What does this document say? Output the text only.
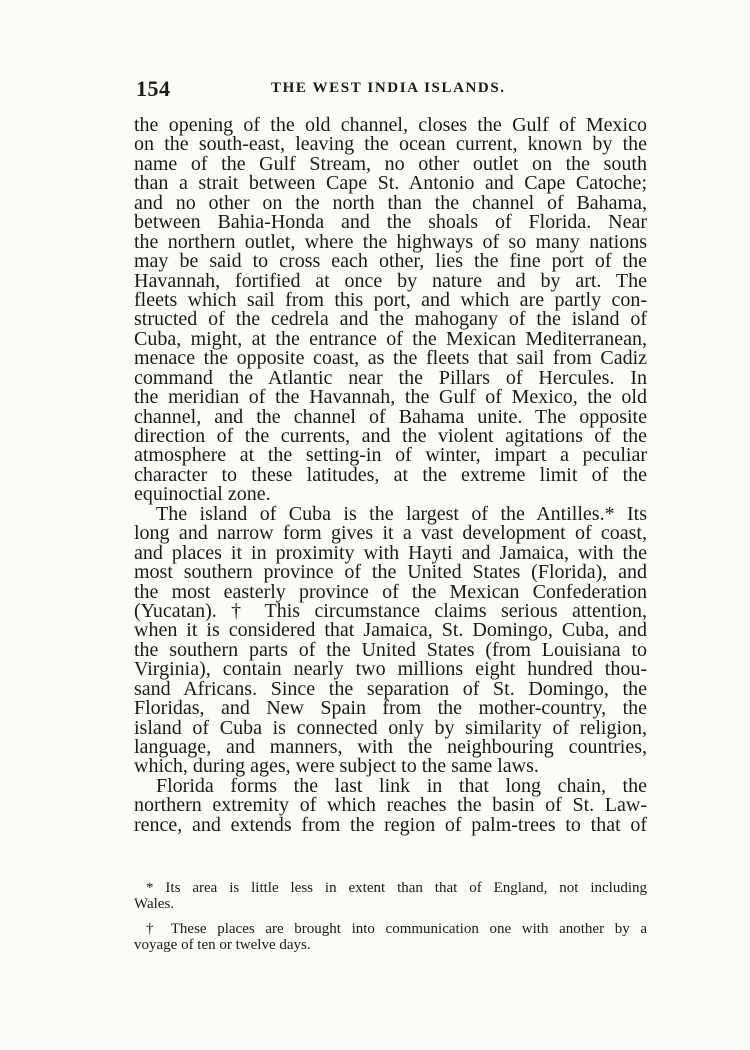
154	THE WEST INDIA ISLANDS.
the opening of the old channel, closes the Gulf of Mexico
on the south-east, leaving the ocean current, known by the
name of the Gulf Stream, no other outlet on the south
than a strait between Cape St. Antonio and Cape Catoche;
and no other on the north than the channel of Bahama,
between Bahia-Honda and the shoals of Florida. Near
the northern outlet, where the highways of so many nations
may be said to cross each other, lies the fine port of the
Havannah, fortified at once by nature and by art. The
fleets which sail from this port, and which are partly con-
structed of the cedrela and the mahogany of the island of
Cuba, might, at the entrance of the Mexican Mediterranean,
menace the opposite coast, as the fleets that sail from Cadiz
command the Atlantic near the Pillars of Hercules. In
the meridian of the Havannah, the Gulf of Mexico, the old
channel, and the channel of Bahama unite. The opposite
direction of the currents, and the violent agitations of the
atmosphere at the setting-in of winter, impart a peculiar
character to these latitudes, at the extreme limit of the
equinoctial zone.
The island of Cuba is the largest of the Antilles.* Its
long and narrow form gives it a vast development of coast,
and places it in proximity with Hayti and Jamaica, with the
most southern province of the United States (Florida), and
the most easterly province of the Mexican Confederation
(Yucatan). † This circumstance claims serious attention,
when it is considered that Jamaica, St. Domingo, Cuba, and
the southern parts of the United States (from Louisiana to
Virginia), contain nearly two millions eight hundred thou-
sand Africans. Since the separation of St. Domingo, the
Floridas, and New Spain from the mother-country, the
island of Cuba is connected only by similarity of religion,
language, and manners, with the neighbouring countries,
which, during ages, were subject to the same laws.
Florida forms the last link in that long chain, the
northern extremity of which reaches the basin of St. Law-
rence, and extends from the region of palm-trees to that of
* Its area is little less in extent than that of England, not including
Wales.
† These places are brought into communication one with another by a
voyage of ten or twelve days.
